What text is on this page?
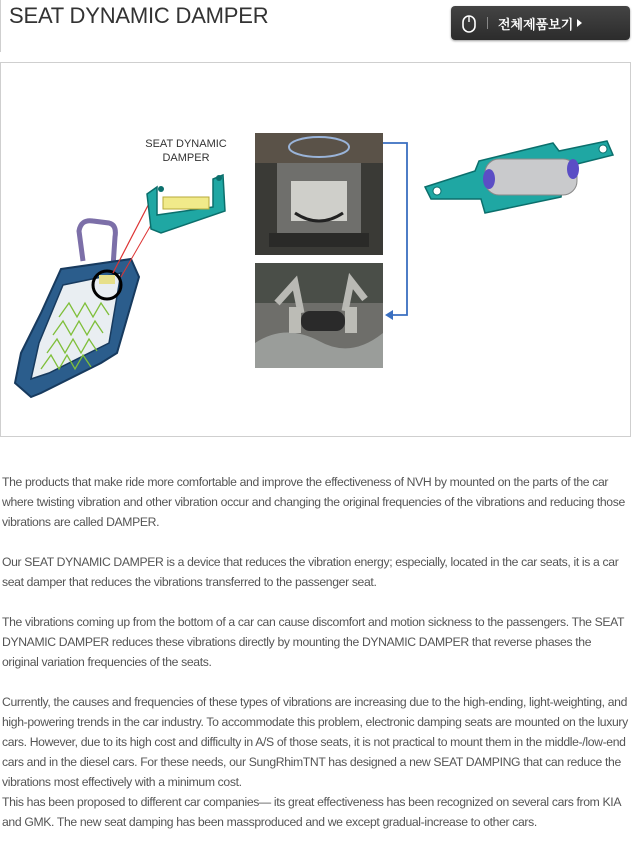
SEAT DYNAMIC DAMPER	전체제품보기
SEAT DYNAMIC
DAMPER

The products that make ride more comfortable and improve the effectiveness of NVH by mounted on the parts of the car where twisting vibration and other vibration occur and changing the original frequencies of the vibrations and reducing those vibrations are called DAMPER.

Our SEAT DYNAMIC DAMPER is a device that reduces the vibration energy; especially, located in the car seats, it is a car seat damper that reduces the vibrations transferred to the passenger seat.

The vibrations coming up from the bottom of a car can cause discomfort and motion sickness to the passengers. The SEAT DYNAMIC DAMPER reduces these vibrations directly by mounting the DYNAMIC DAMPER that reverse phases the original variation frequencies of the seats.

Currently, the causes and frequencies of these types of vibrations are increasing due to the high-ending, light-weighting, and high-powering trends in the car industry. To accommodate this problem, electronic damping seats are mounted on the luxury cars. However, due to its high cost and difficulty in A/S of those seats, it is not practical to mount them in the middle-/low-end cars and in the diesel cars. For these needs, our SungRhimTNT has designed a new SEAT DAMPING that can reduce the vibrations most effectively with a minimum cost.
This has been proposed to different car companies— its great effectiveness has been recognized on several cars from KIA and GMK. The new seat damping has been massproduced and we except gradual-increase to other cars.
